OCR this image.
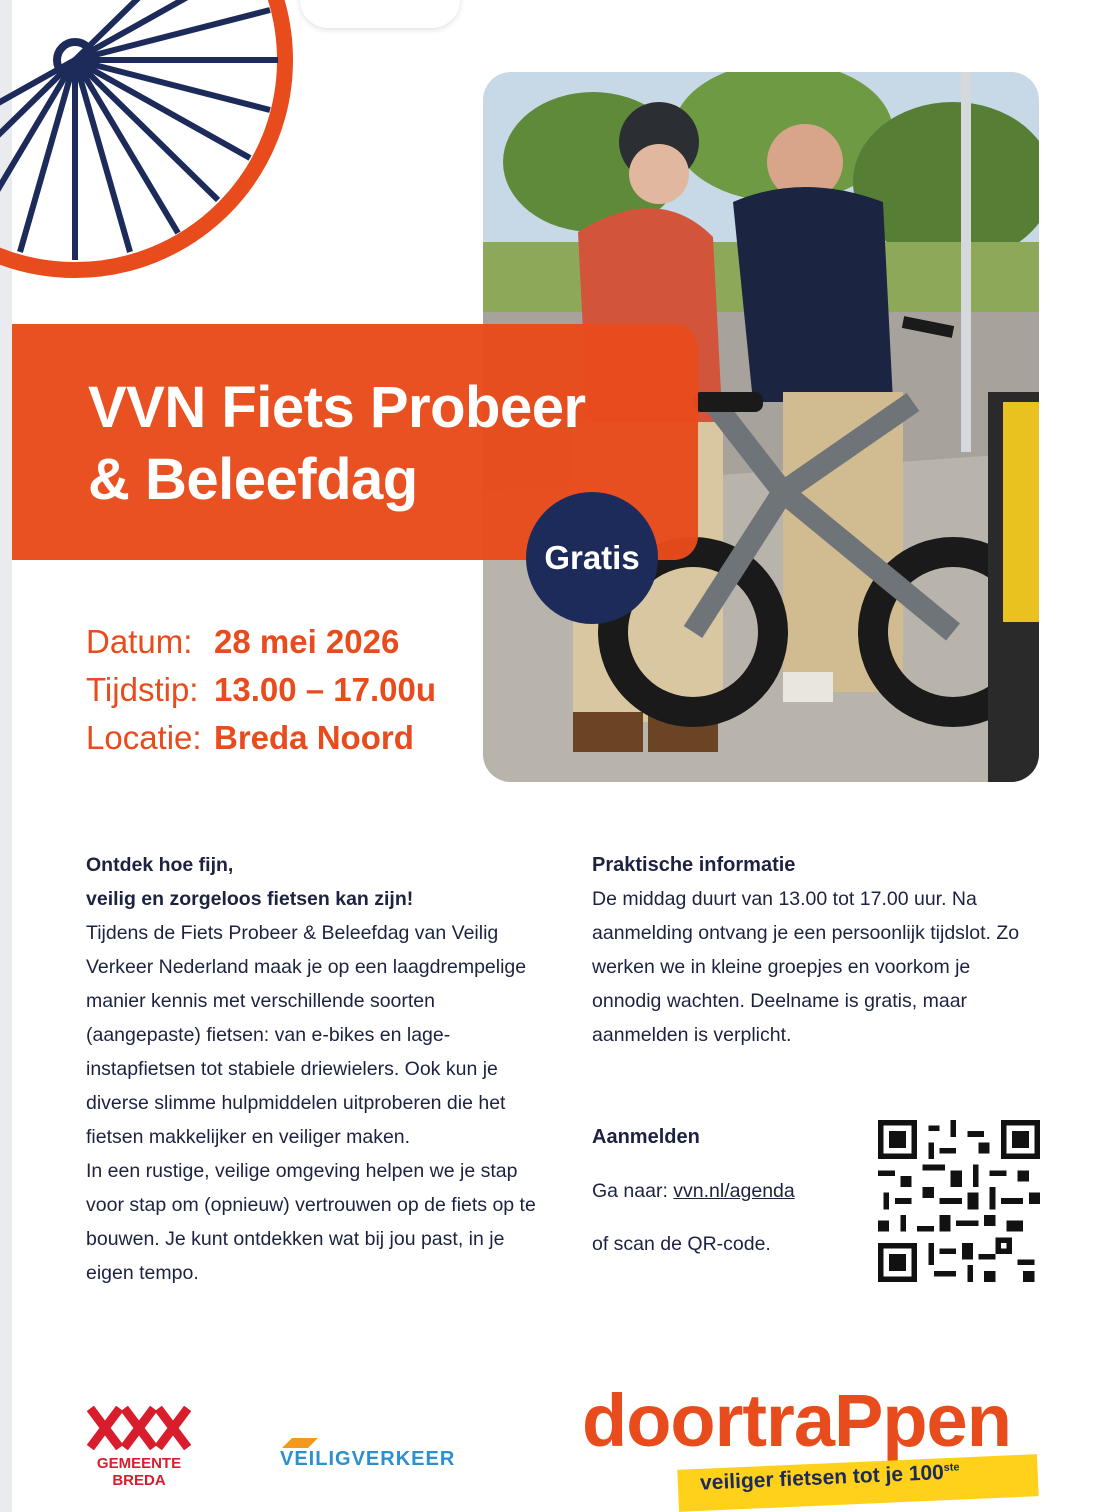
VVN Fiets Probeer
& Beleefdag
Gratis
Datum: 28 mei 2026
Tijdstip: 13.00 – 17.00u
Locatie: Breda Noord

Ontdek hoe fijn,

veilig en zorgeloos fietsen kan zijn!

Tijdens de Fiets Probeer & Beleefdag van Veilig Verkeer Nederland maak je op een laagdrempelige manier kennis met verschillende soorten (aangepaste) fietsen: van e-bikes en lage-instapfietsen tot stabiele driewielers. Ook kun je diverse slimme hulpmiddelen uitproberen die het fietsen makkelijker en veiliger maken.

In een rustige, veilige omgeving helpen we je stap voor stap om (opnieuw) vertrouwen op de fiets op te bouwen. Je kunt ontdekken wat bij jou past, in je eigen tempo.

Praktische informatie

De middag duurt van 13.00 tot 17.00 uur. Na aanmelding ontvang je een persoonlijk tijdslot. Zo werken we in kleine groepjes en voorkom je onnodig wachten. Deelname is gratis, maar aanmelden is verplicht.

Aanmelden

Ga naar: vvn.nl/agenda

of scan de QR-code.

GEMEENTE
BREDA
VEILIGVERKEER doortraPpen
veiliger fietsen tot je 100ste
